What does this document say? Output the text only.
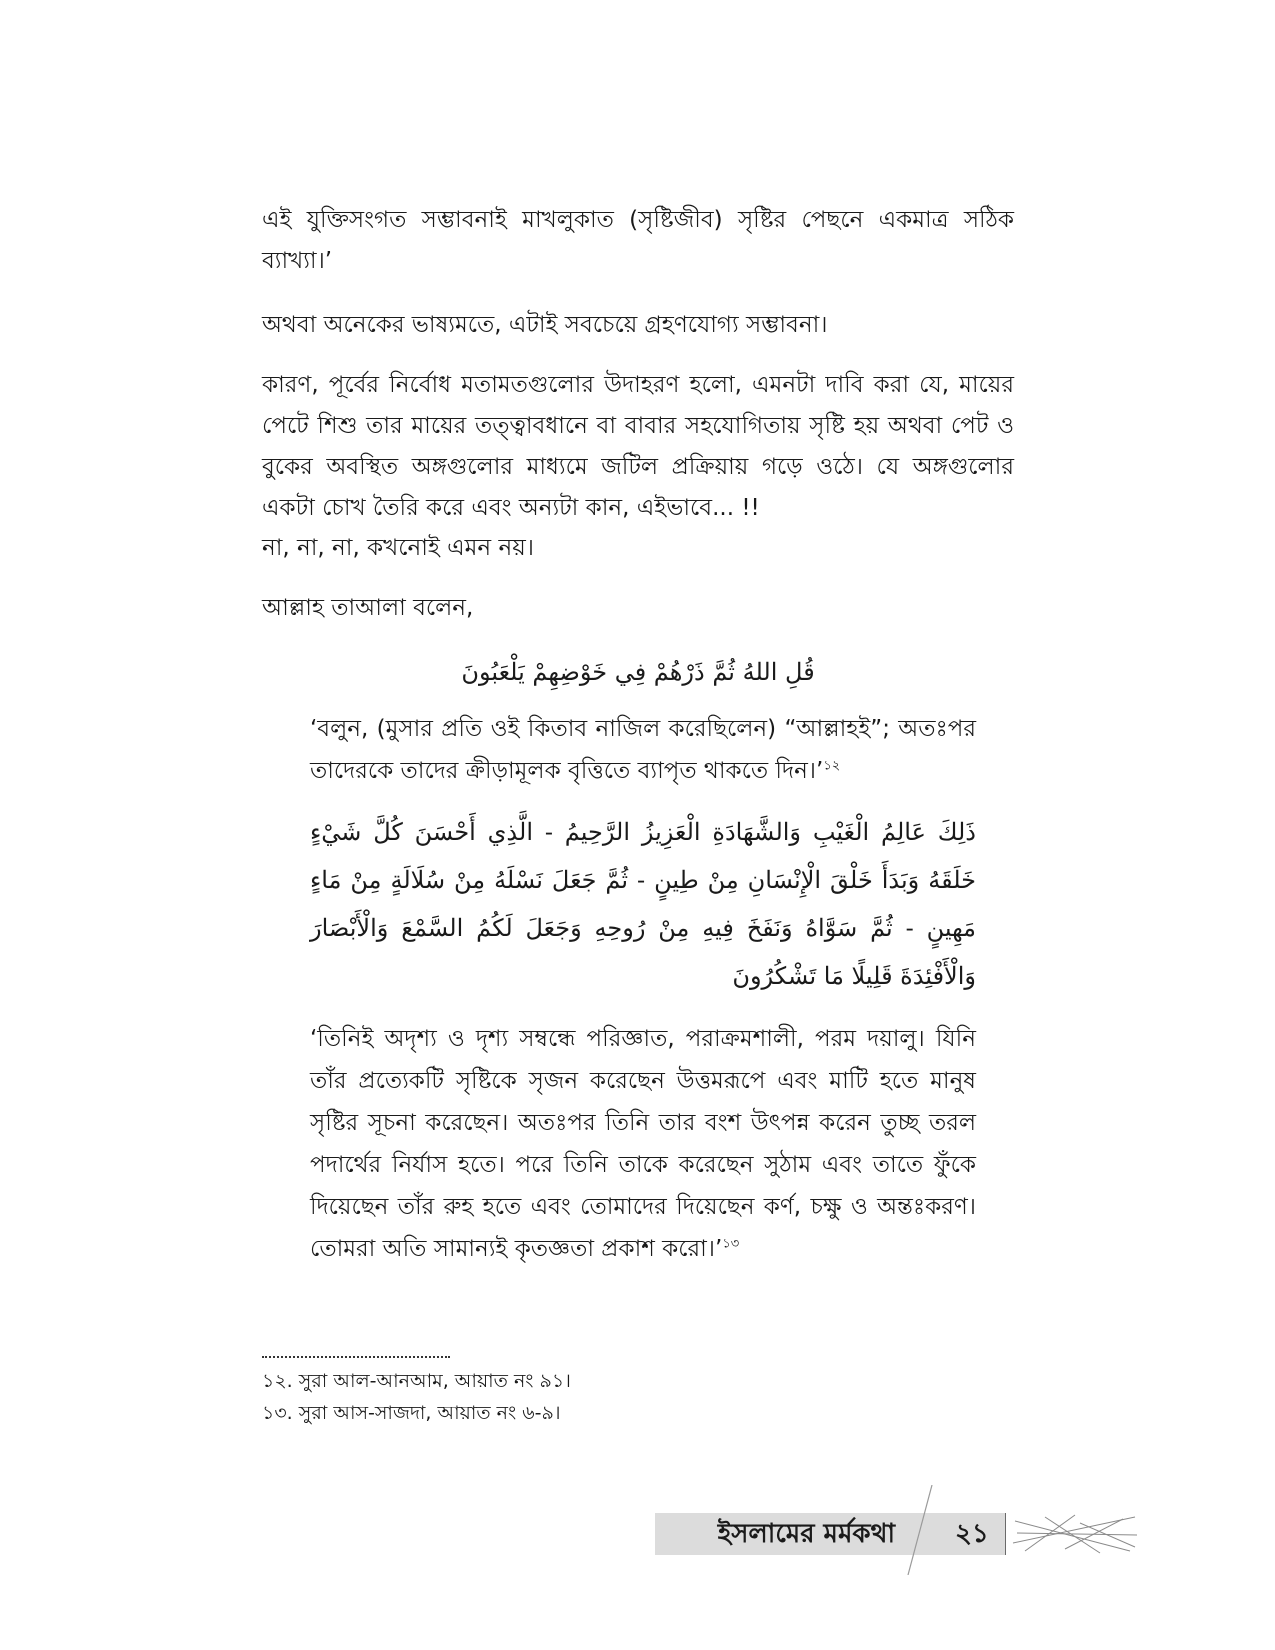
এই যুক্তিসংগত সম্ভাবনাই মাখলুকাত (সৃষ্টিজীব) সৃষ্টির পেছনে একমাত্র সঠিক ব্যাখ্যা।’

অথবা অনেকের ভাষ্যমতে, এটাই সবচেয়ে গ্রহণযোগ্য সম্ভাবনা।

কারণ, পূর্বের নির্বোধ মতামতগুলোর উদাহরণ হলো, এমনটা দাবি করা যে, মায়ের পেটে শিশু তার মায়ের তত্ত্বাবধানে বা বাবার সহযোগিতায় সৃষ্টি হয় অথবা পেট ও বুকের অবস্থিত অঙ্গগুলোর মাধ্যমে জটিল প্রক্রিয়ায় গড়ে ওঠে। যে অঙ্গগুলোর একটা চোখ তৈরি করে এবং অন্যটা কান, এইভাবে... !!

না, না, না, কখনোই এমন নয়।

আল্লাহ তাআলা বলেন,

قُلِ اللهُ ثُمَّ ذَرْهُمْ فِي خَوْضِهِمْ يَلْعَبُونَ

‘বলুন, (মুসার প্রতি ওই কিতাব নাজিল করেছিলেন) “আল্লাহই”; অতঃপর তাদেরকে তাদের ক্রীড়ামূলক বৃত্তিতে ব্যাপৃত থাকতে দিন।’$^{১২}$

ذَلِكَ عَالِمُ الْغَيْبِ وَالشَّهَادَةِ الْعَزِيزُ الرَّحِيمُ - الَّذِي أَحْسَنَ كُلَّ شَيْءٍ خَلَقَهُ وَبَدَأَ خَلْقَ الْإِنْسَانِ مِنْ طِينٍ - ثُمَّ جَعَلَ نَسْلَهُ مِنْ سُلَالَةٍ مِنْ مَاءٍ مَهِينٍ - ثُمَّ سَوَّاهُ وَنَفَخَ فِيهِ مِنْ رُوحِهِ وَجَعَلَ لَكُمُ السَّمْعَ وَالْأَبْصَارَ وَالْأَفْئِدَةَ قَلِيلًا مَا تَشْكُرُونَ

‘তিনিই অদৃশ্য ও দৃশ্য সম্বন্ধে পরিজ্ঞাত, পরাক্রমশালী, পরম দয়ালু। যিনি তাঁর প্রত্যেকটি সৃষ্টিকে সৃজন করেছেন উত্তমরূপে এবং মাটি হতে মানুষ সৃষ্টির সূচনা করেছেন। অতঃপর তিনি তার বংশ উৎপন্ন করেন তুচ্ছ তরল পদার্থের নির্যাস হতে। পরে তিনি তাকে করেছেন সুঠাম এবং তাতে ফুঁকে দিয়েছেন তাঁর রুহ হতে এবং তোমাদের দিয়েছেন কর্ণ, চক্ষু ও অন্তঃকরণ। তোমরা অতি সামান্যই কৃতজ্ঞতা প্রকাশ করো।’$^{১৩}$

১২. সুরা আল-আনআম, আয়াত নং ৯১।

১৩. সুরা আস-সাজদা, আয়াত নং ৬-৯।

ইসলামের মর্মকথা ২১
